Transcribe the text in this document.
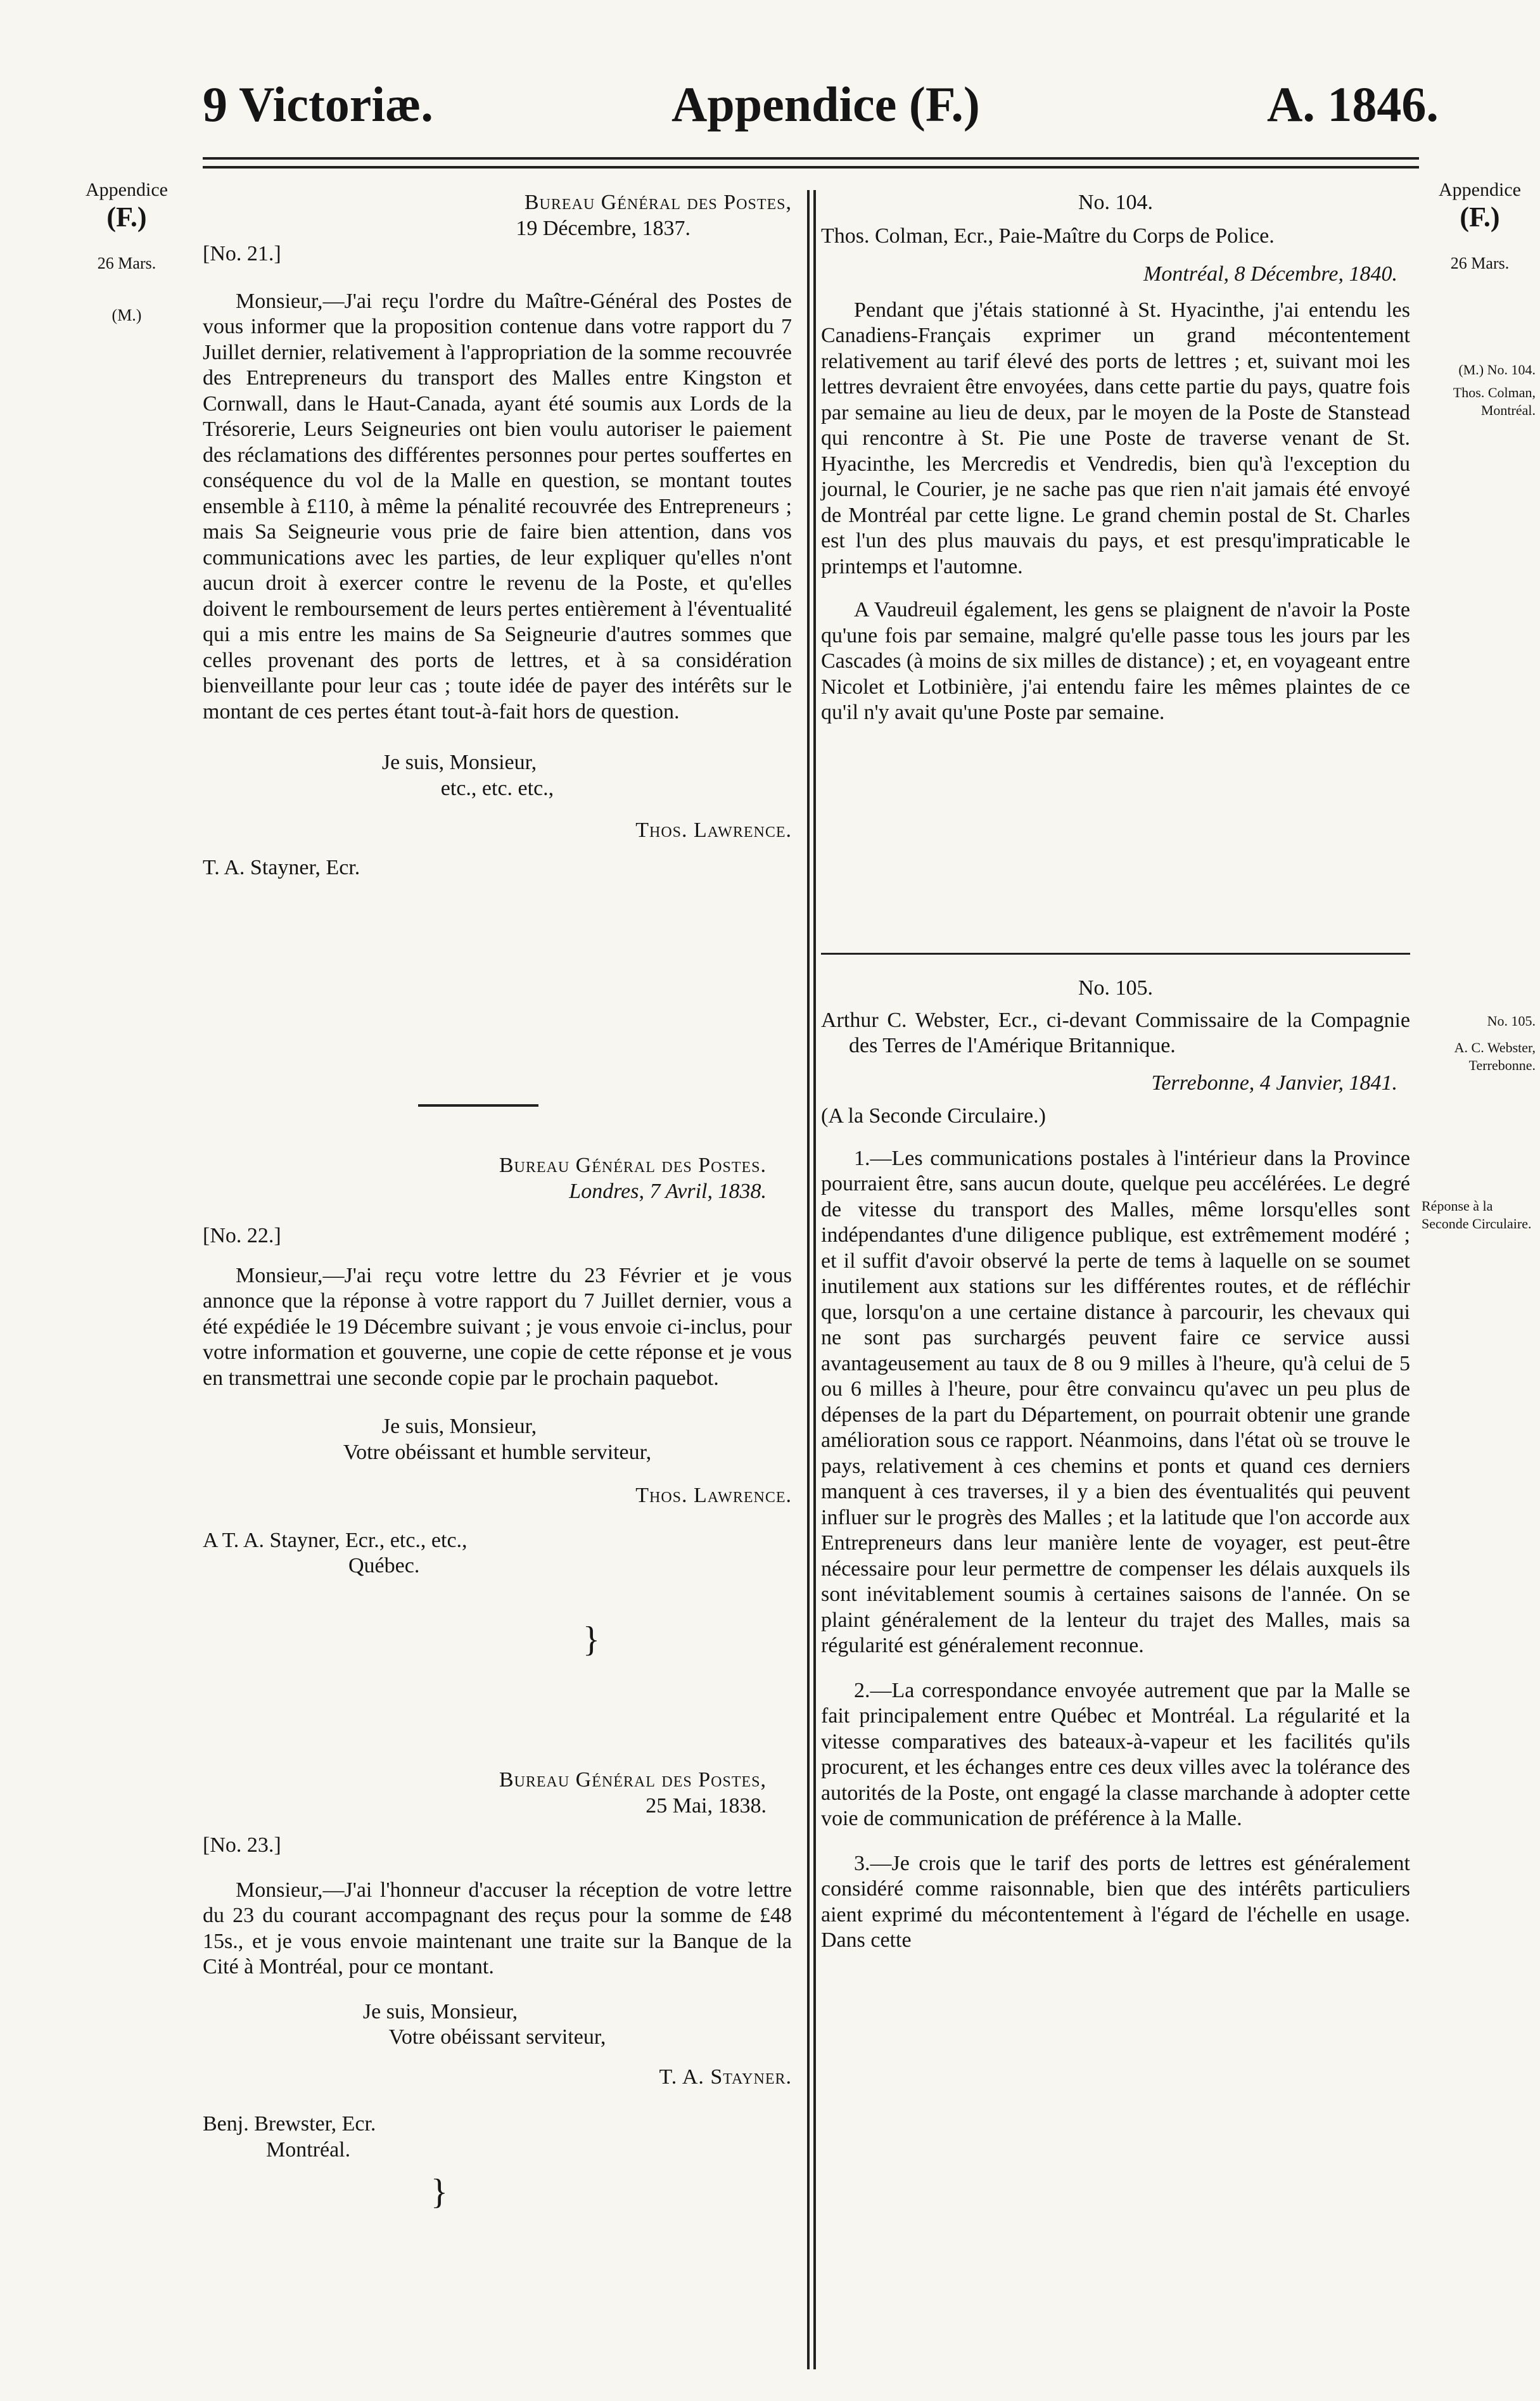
9 Victoriæ.	Appendice (F.)	A. 1846.
Appendice
(F.)
26 Mars.
(M.)
Appendice
(F.)
26 Mars.
(M.) No. 104.
Thos. Colman,
Montréal.
No. 105.
A. C. Webster,
Terrebonne.
Réponse à la Seconde Circulaire.

Bureau Général des Postes,

19 Décembre, 1837.

[No. 21.]

Monsieur,—J'ai reçu l'ordre du Maître-Général des Postes de vous informer que la proposition contenue dans votre rapport du 7 Juillet dernier, relativement à l'appropriation de la somme recouvrée des Entrepreneurs du transport des Malles entre Kingston et Cornwall, dans le Haut-Canada, ayant été soumis aux Lords de la Trésorerie, Leurs Seigneuries ont bien voulu autoriser le paiement des réclamations des différentes personnes pour pertes souffertes en conséquence du vol de la Malle en question, se montant toutes ensemble à £110, à même la pénalité recouvrée des Entrepreneurs ; mais Sa Seigneurie vous prie de faire bien attention, dans vos communications avec les parties, de leur expliquer qu'elles n'ont aucun droit à exercer contre le revenu de la Poste, et qu'elles doivent le remboursement de leurs pertes entièrement à l'éventualité qui a mis entre les mains de Sa Seigneurie d'autres sommes que celles provenant des ports de lettres, et à sa considération bienveillante pour leur cas ; toute idée de payer des intérêts sur le montant de ces pertes étant tout-à-fait hors de question.

Je suis, Monsieur,

etc., etc. etc.,

Thos. Lawrence.

T. A. Stayner, Ecr.

Bureau Général des Postes.

Londres, 7 Avril, 1838.

[No. 22.]

Monsieur,—J'ai reçu votre lettre du 23 Février et je vous annonce que la réponse à votre rapport du 7 Juillet dernier, vous a été expédiée le 19 Décembre suivant ; je vous envoie ci-inclus, pour votre information et gouverne, une copie de cette réponse et je vous en transmettrai une seconde copie par le prochain paquebot.

Je suis, Monsieur,

Votre obéissant et humble serviteur,

Thos. Lawrence.

A T. A. Stayner, Ecr., etc., etc.,

Québec.

}

Bureau Général des Postes,

25 Mai, 1838.

[No. 23.]

Monsieur,—J'ai l'honneur d'accuser la réception de votre lettre du 23 du courant accompagnant des reçus pour la somme de £48 15s., et je vous envoie maintenant une traite sur la Banque de la Cité à Montréal, pour ce montant.

Je suis, Monsieur,

Votre obéissant serviteur,

T. A. Stayner.

Benj. Brewster, Ecr.

Montréal.

}

No. 104.

Thos. Colman, Ecr., Paie-Maître du Corps de Police.

Montréal, 8 Décembre, 1840.

Pendant que j'étais stationné à St. Hyacinthe, j'ai entendu les Canadiens-Français exprimer un grand mécontentement relativement au tarif élevé des ports de lettres ; et, suivant moi les lettres devraient être envoyées, dans cette partie du pays, quatre fois par semaine au lieu de deux, par le moyen de la Poste de Stanstead qui rencontre à St. Pie une Poste de traverse venant de St. Hyacinthe, les Mercredis et Vendredis, bien qu'à l'exception du journal, le Courier, je ne sache pas que rien n'ait jamais été envoyé de Montréal par cette ligne. Le grand chemin postal de St. Charles est l'un des plus mauvais du pays, et est presqu'impraticable le printemps et l'automne.

A Vaudreuil également, les gens se plaignent de n'avoir la Poste qu'une fois par semaine, malgré qu'elle passe tous les jours par les Cascades (à moins de six milles de distance) ; et, en voyageant entre Nicolet et Lotbinière, j'ai entendu faire les mêmes plaintes de ce qu'il n'y avait qu'une Poste par semaine.

No. 105.

Arthur C. Webster, Ecr., ci-devant Commissaire de la Compagnie des Terres de l'Amérique Britannique.

Terrebonne, 4 Janvier, 1841.

(A la Seconde Circulaire.)

1.—Les communications postales à l'intérieur dans la Province pourraient être, sans aucun doute, quelque peu accélérées. Le degré de vitesse du transport des Malles, même lorsqu'elles sont indépendantes d'une diligence publique, est extrêmement modéré ; et il suffit d'avoir observé la perte de tems à laquelle on se soumet inutilement aux stations sur les différentes routes, et de réfléchir que, lorsqu'on a une certaine distance à parcourir, les chevaux qui ne sont pas surchargés peuvent faire ce service aussi avantageusement au taux de 8 ou 9 milles à l'heure, qu'à celui de 5 ou 6 milles à l'heure, pour être convaincu qu'avec un peu plus de dépenses de la part du Département, on pourrait obtenir une grande amélioration sous ce rapport. Néanmoins, dans l'état où se trouve le pays, relativement à ces chemins et ponts et quand ces derniers manquent à ces traverses, il y a bien des éventualités qui peuvent influer sur le progrès des Malles ; et la latitude que l'on accorde aux Entrepreneurs dans leur manière lente de voyager, est peut-être nécessaire pour leur permettre de compenser les délais auxquels ils sont inévitablement soumis à certaines saisons de l'année. On se plaint généralement de la lenteur du trajet des Malles, mais sa régularité est généralement reconnue.

2.—La correspondance envoyée autrement que par la Malle se fait principalement entre Québec et Montréal. La régularité et la vitesse comparatives des bateaux-à-vapeur et les facilités qu'ils procurent, et les échanges entre ces deux villes avec la tolérance des autorités de la Poste, ont engagé la classe marchande à adopter cette voie de communication de préférence à la Malle.

3.—Je crois que le tarif des ports de lettres est généralement considéré comme raisonnable, bien que des intérêts particuliers aient exprimé du mécontentement à l'égard de l'échelle en usage. Dans cette
